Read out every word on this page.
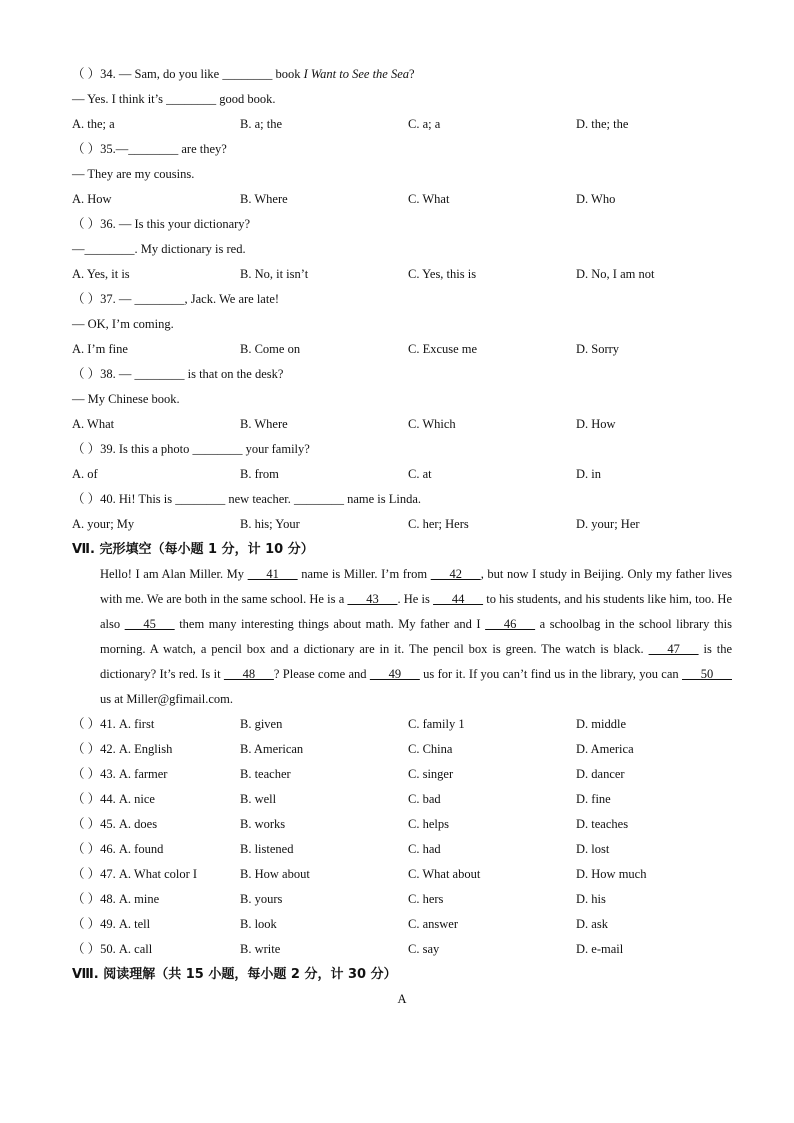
（ ）34. — Sam, do you like ________ book I Want to See the Sea?
— Yes. I think it’s ________ good book.
A. the; a	B. a; the	C. a; a	D. the; the
（ ）35.—________ are they?
— They are my cousins.
A. How	B. Where	C. What	D. Who
（ ）36. — Is this your dictionary?
—________. My dictionary is red.
A. Yes, it is	B. No, it isn’t	C. Yes, this is	D. No, I am not
（ ）37. — ________, Jack. We are late!
— OK, I’m coming.
A. I’m fine	B. Come on	C. Excuse me	D. Sorry
（ ）38. — ________ is that on the desk?
— My Chinese book.
A. What	B. Where	C. Which	D. How
（ ）39. Is this a photo ________ your family?
A. of	B. from	C. at	D. in
（ ）40. Hi! This is ________ new teacher. ________ name is Linda.
A. your; My	B. his; Your	C. her; Hers	D. your; Her
Ⅶ. 完形填空（每小题 1 分，计 10 分）
Hello! I am Alan Miller. My   41   name is Miller. I’m from   42  , but now I study in Beijing. Only my father lives with me. We are both in the same school. He is a   43  . He is   44   to his students, and his students like him, too. He also   45   them many interesting things about math. My father and I   46   a schoolbag in the school library this morning. A watch, a pencil box and a dictionary are in it. The pencil box is green. The watch is black.   47   is the dictionary? It’s red. Is it   48  ? Please come and   49   us for it. If you can’t find us in the library, you can   50   us at Miller@gfimail.com.
（ ）41. A. first	B. given	C. family 1	D. middle
（ ）42. A. English	B. American	C. China	D. America
（ ）43. A. farmer	B. teacher	C. singer	D. dancer
（ ）44. A. nice	B. well	C. bad	D. fine
（ ）45. A. does	B. works	C. helps	D. teaches
（ ）46. A. found	B. listened	C. had	D. lost
（ ）47. A. What color I	B. How about	C. What about	D. How much
（ ）48. A. mine	B. yours	C. hers	D. his
（ ）49. A. tell	B. look	C. answer	D. ask
（ ）50. A. call	B. write	C. say	D. e-mail
Ⅷ. 阅读理解（共 15 小题，每小题 2 分，计 30 分）
A
